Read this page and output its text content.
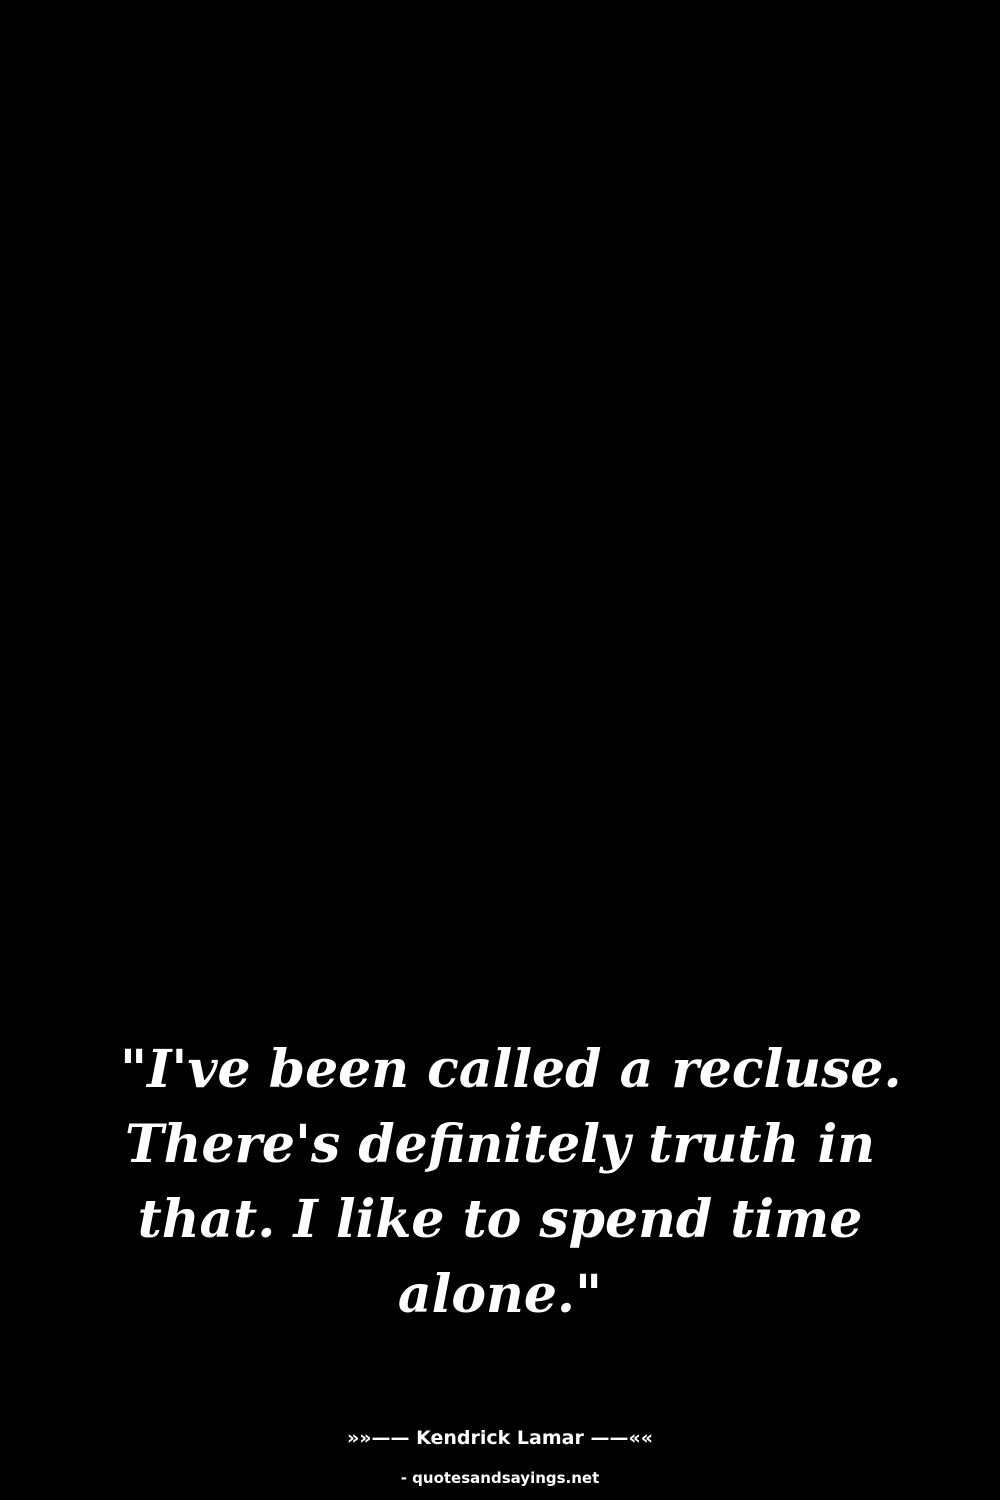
"I've been called a recluse.
There's definitely truth in
that. I like to spend time
alone."

»»—— Kendrick Lamar ——««
- quotesandsayings.net
